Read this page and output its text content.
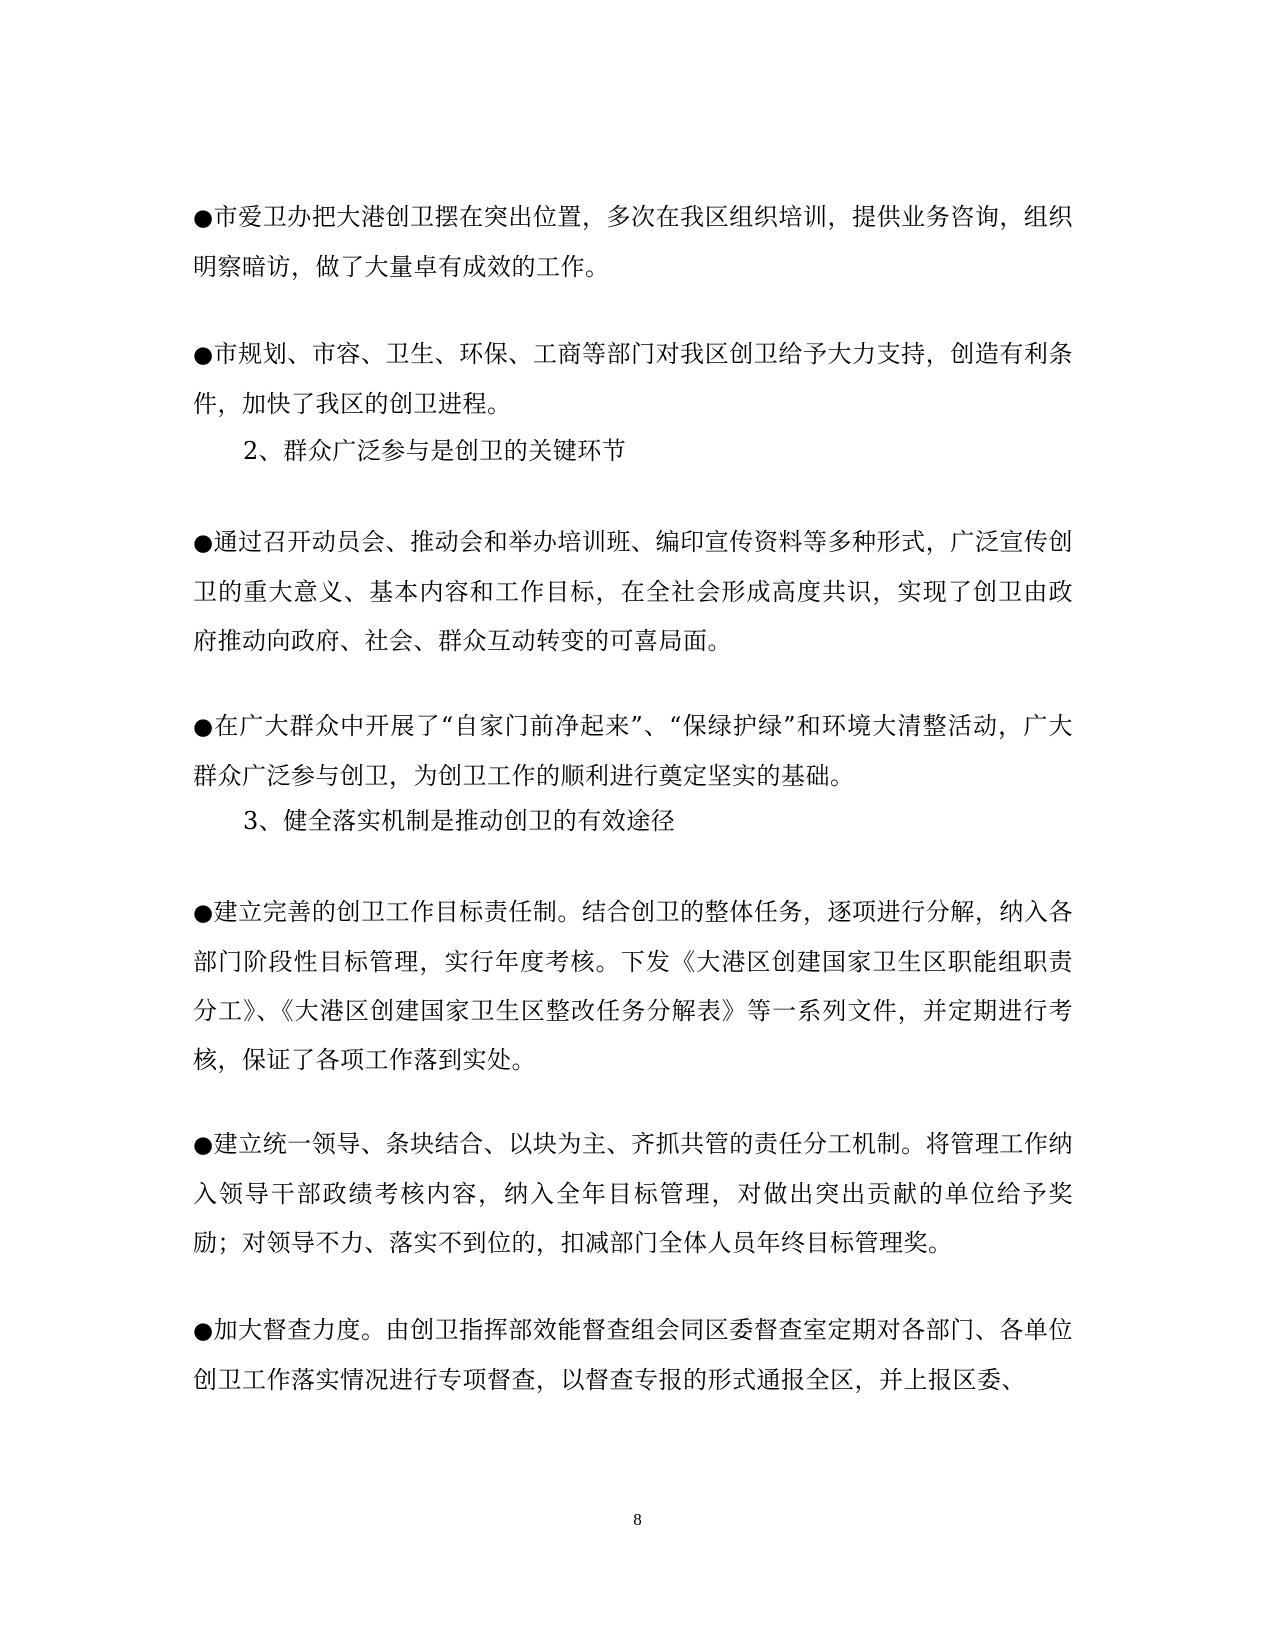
●市爱卫办把大港创卫摆在突出位置，多次在我区组织培训，提供业务咨询，组织明察暗访，做了大量卓有成效的工作。
●市规划、市容、卫生、环保、工商等部门对我区创卫给予大力支持，创造有利条件，加快了我区的创卫进程。
2、群众广泛参与是创卫的关键环节
●通过召开动员会、推动会和举办培训班、编印宣传资料等多种形式，广泛宣传创卫的重大意义、基本内容和工作目标，在全社会形成高度共识，实现了创卫由政府推动向政府、社会、群众互动转变的可喜局面。
●在广大群众中开展了“自家门前净起来”、“保绿护绿”和环境大清整活动，广大群众广泛参与创卫，为创卫工作的顺利进行奠定坚实的基础。
3、健全落实机制是推动创卫的有效途径
●建立完善的创卫工作目标责任制。结合创卫的整体任务，逐项进行分解，纳入各部门阶段性目标管理，实行年度考核。下发《大港区创建国家卫生区职能组职责分工》、《大港区创建国家卫生区整改任务分解表》等一系列文件，并定期进行考核，保证了各项工作落到实处。
●建立统一领导、条块结合、以块为主、齐抓共管的责任分工机制。将管理工作纳入领导干部政绩考核内容，纳入全年目标管理，对做出突出贡献的单位给予奖励；对领导不力、落实不到位的，扣减部门全体人员年终目标管理奖。
●加大督查力度。由创卫指挥部效能督查组会同区委督查室定期对各部门、各单位创卫工作落实情况进行专项督查，以督查专报的形式通报全区，并上报区委、
8
